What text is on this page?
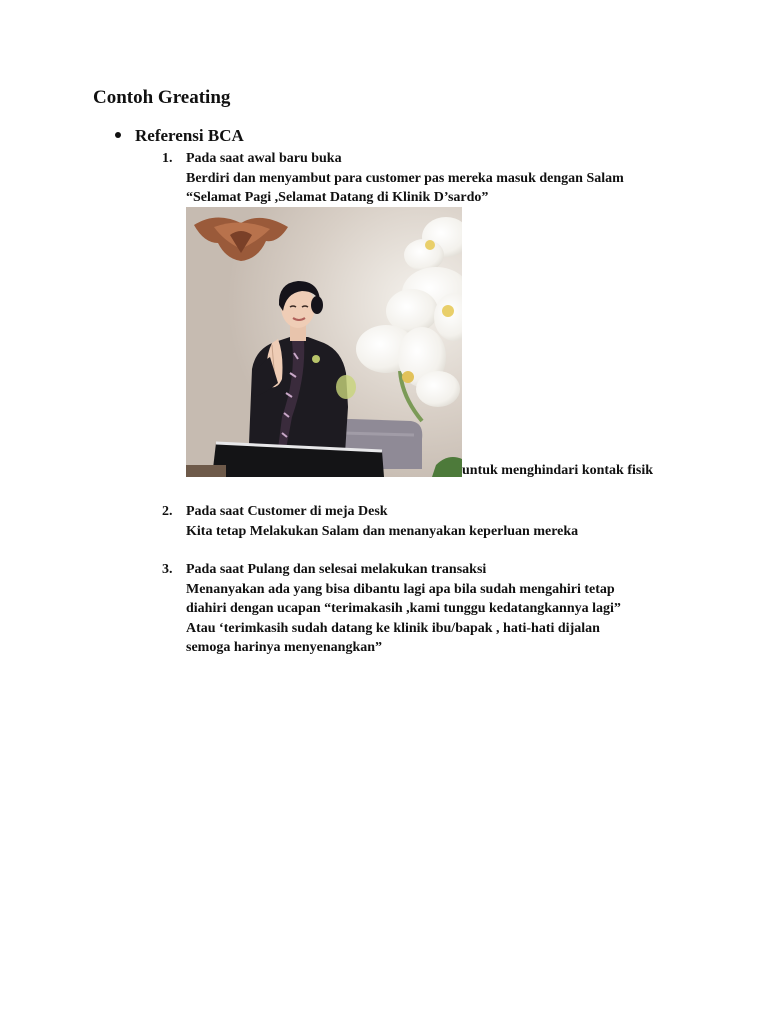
Contoh Greating
Referensi BCA
1. Pada saat awal baru buka
Berdiri dan menyambut para customer pas mereka masuk dengan Salam
“Selamat Pagi ,Selamat Datang di Klinik D’sardo”
untuk menghindari kontak fisik
2. Pada saat Customer di meja Desk
Kita tetap Melakukan Salam dan menanyakan keperluan mereka
3. Pada saat Pulang dan selesai melakukan transaksi
Menanyakan ada yang bisa dibantu lagi apa bila sudah mengahiri tetap
diahiri dengan ucapan “terimakasih ,kami tunggu kedatangkannya lagi”
Atau ‘terimkasih sudah datang ke klinik ibu/bapak , hati-hati dijalan
semoga harinya menyenangkan”
